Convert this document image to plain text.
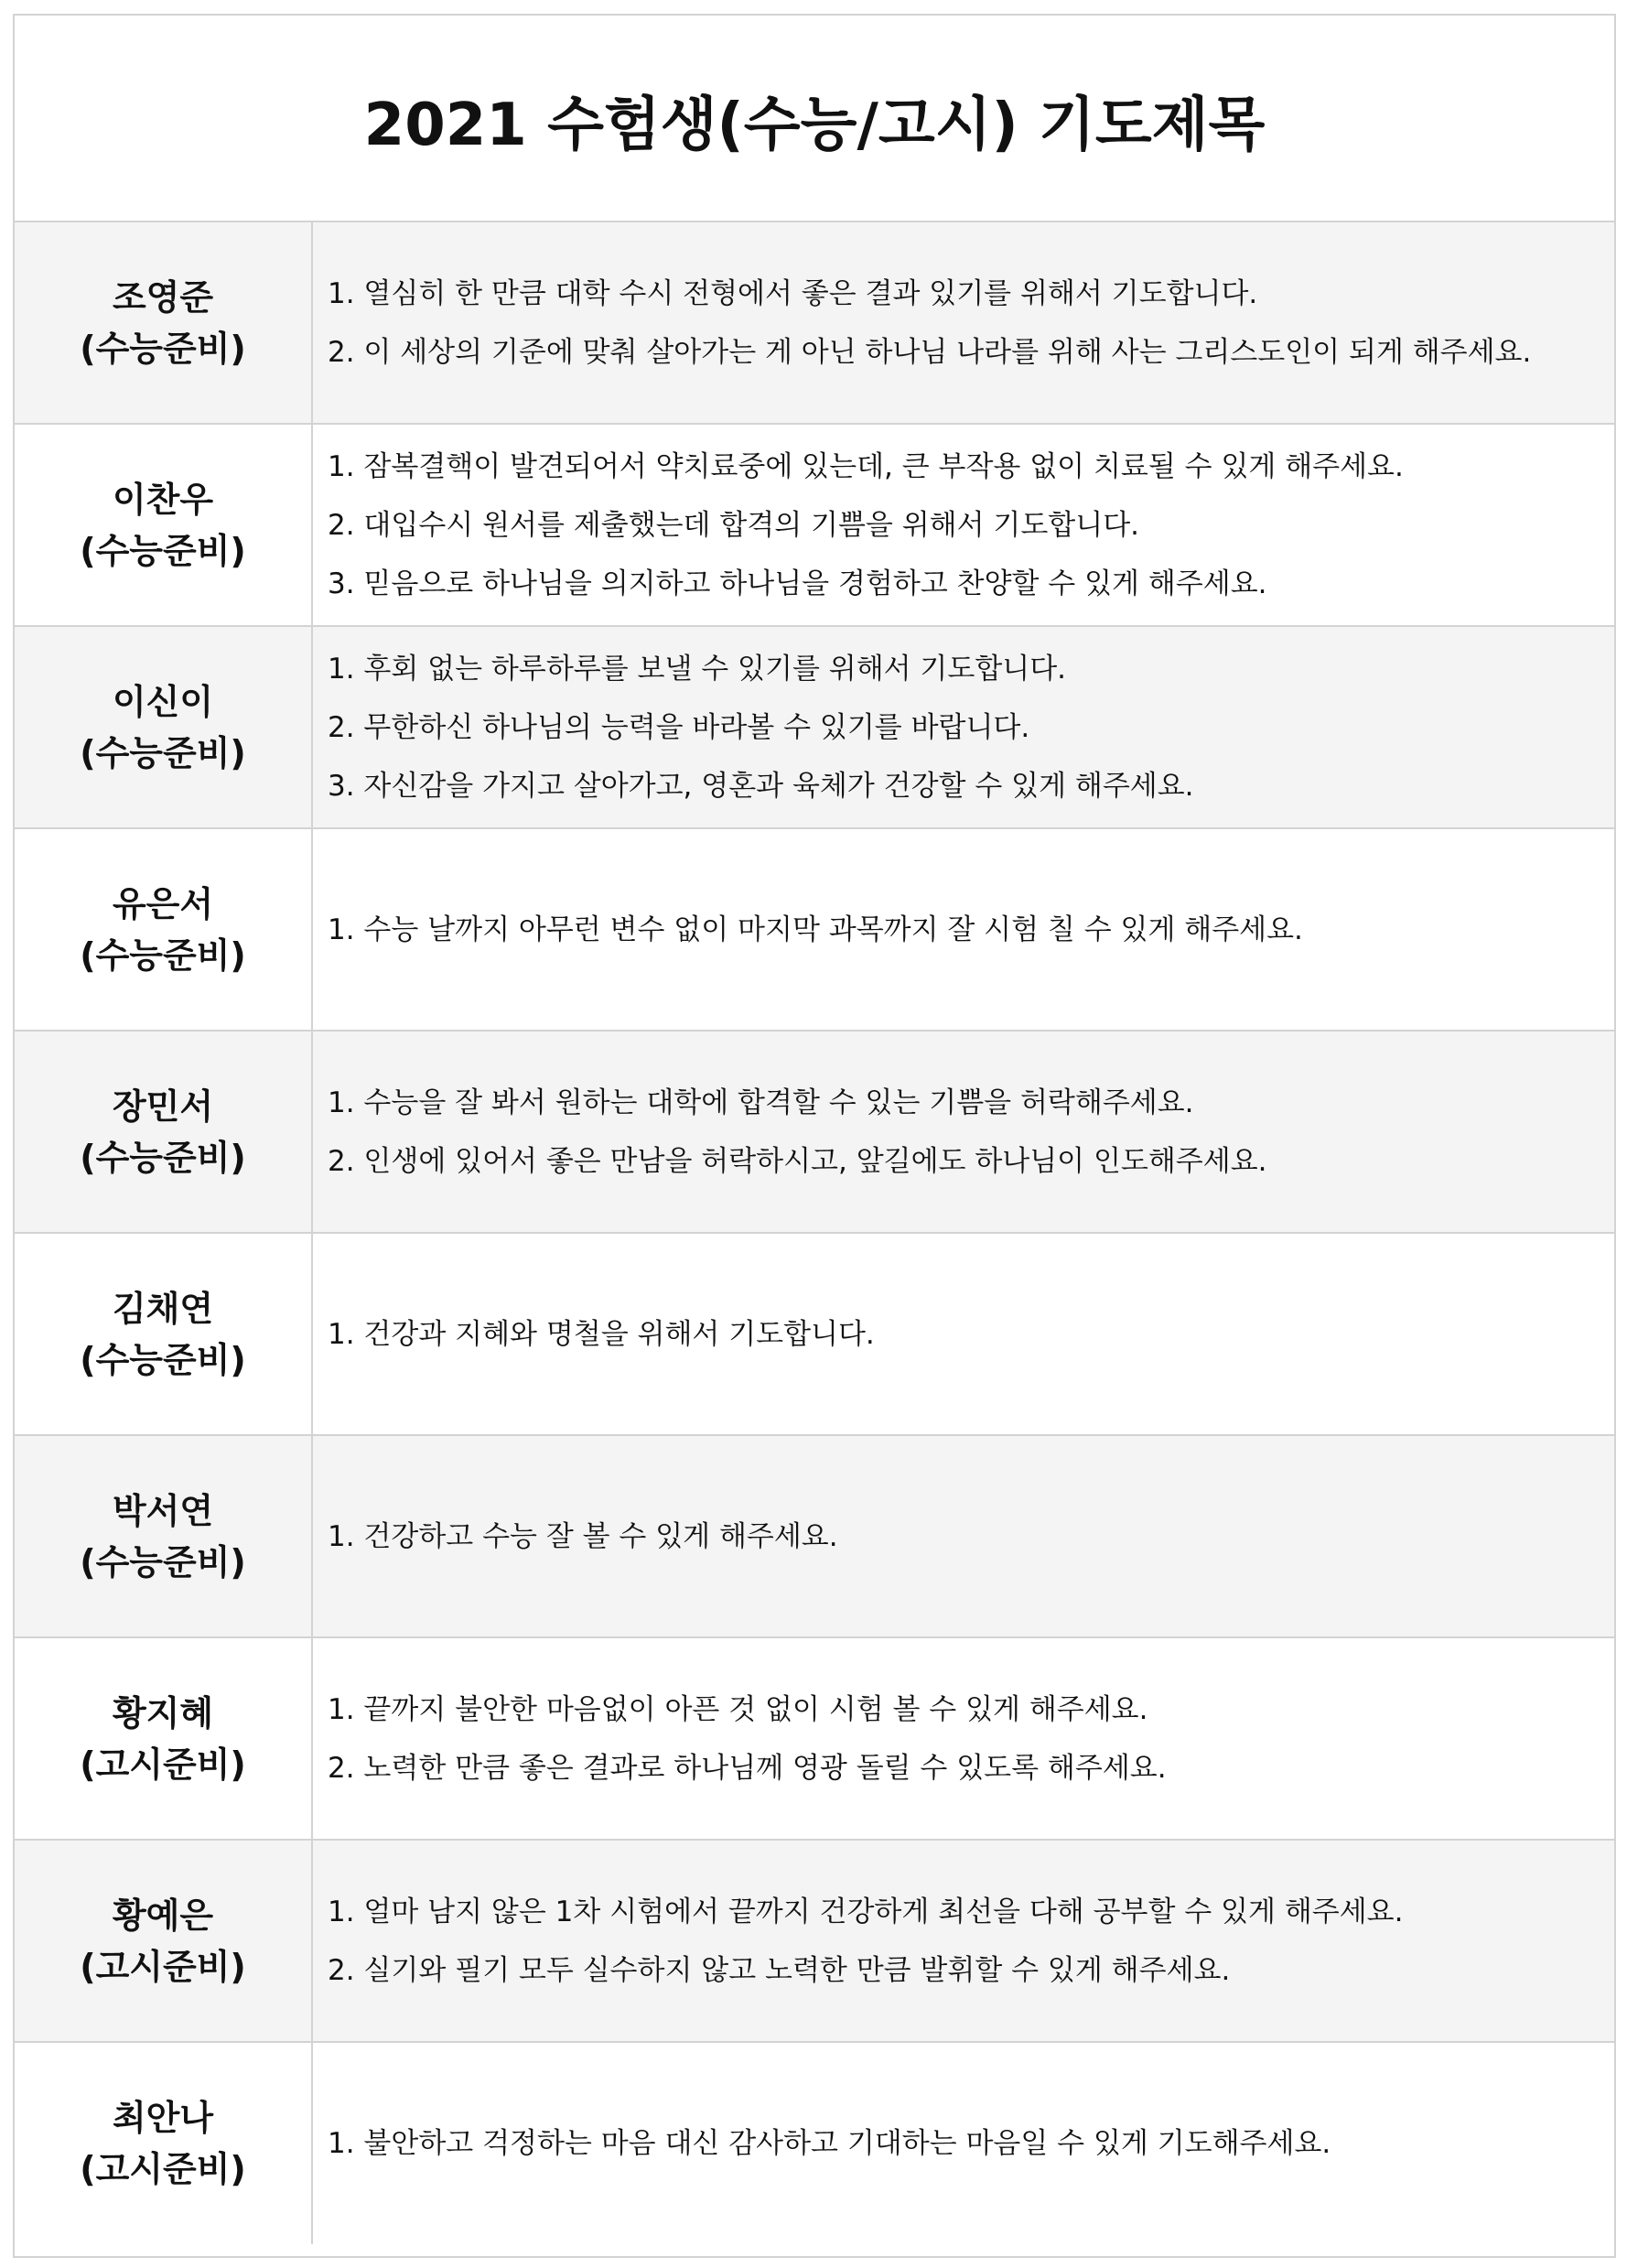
2021 수험생(수능/고시) 기도제목
조영준
(수능준비)
1. 열심히 한 만큼 대학 수시 전형에서 좋은 결과 있기를 위해서 기도합니다.
2. 이 세상의 기준에 맞춰 살아가는 게 아닌 하나님 나라를 위해 사는 그리스도인이 되게 해주세요.
이찬우
(수능준비)
1. 잠복결핵이 발견되어서 약치료중에 있는데, 큰 부작용 없이 치료될 수 있게 해주세요.
2. 대입수시 원서를 제출했는데 합격의 기쁨을 위해서 기도합니다.
3. 믿음으로 하나님을 의지하고 하나님을 경험하고 찬양할 수 있게 해주세요.
이신이
(수능준비)
1. 후회 없는 하루하루를 보낼 수 있기를 위해서 기도합니다.
2. 무한하신 하나님의 능력을 바라볼 수 있기를 바랍니다.
3. 자신감을 가지고 살아가고, 영혼과 육체가 건강할 수 있게 해주세요.
유은서
(수능준비)
1. 수능 날까지 아무런 변수 없이 마지막 과목까지 잘 시험 칠 수 있게 해주세요.
장민서
(수능준비)
1. 수능을 잘 봐서 원하는 대학에 합격할 수 있는 기쁨을 허락해주세요.
2. 인생에 있어서 좋은 만남을 허락하시고, 앞길에도 하나님이 인도해주세요.
김채연
(수능준비)
1. 건강과 지혜와 명철을 위해서 기도합니다.
박서연
(수능준비)
1. 건강하고 수능 잘 볼 수 있게 해주세요.
황지혜
(고시준비)
1. 끝까지 불안한 마음없이 아픈 것 없이 시험 볼 수 있게 해주세요.
2. 노력한 만큼 좋은 결과로 하나님께 영광 돌릴 수 있도록 해주세요.
황예은
(고시준비)
1. 얼마 남지 않은 1차 시험에서 끝까지 건강하게 최선을 다해 공부할 수 있게 해주세요.
2. 실기와 필기 모두 실수하지 않고 노력한 만큼 발휘할 수 있게 해주세요.
최안나
(고시준비)
1. 불안하고 걱정하는 마음 대신 감사하고 기대하는 마음일 수 있게 기도해주세요.
